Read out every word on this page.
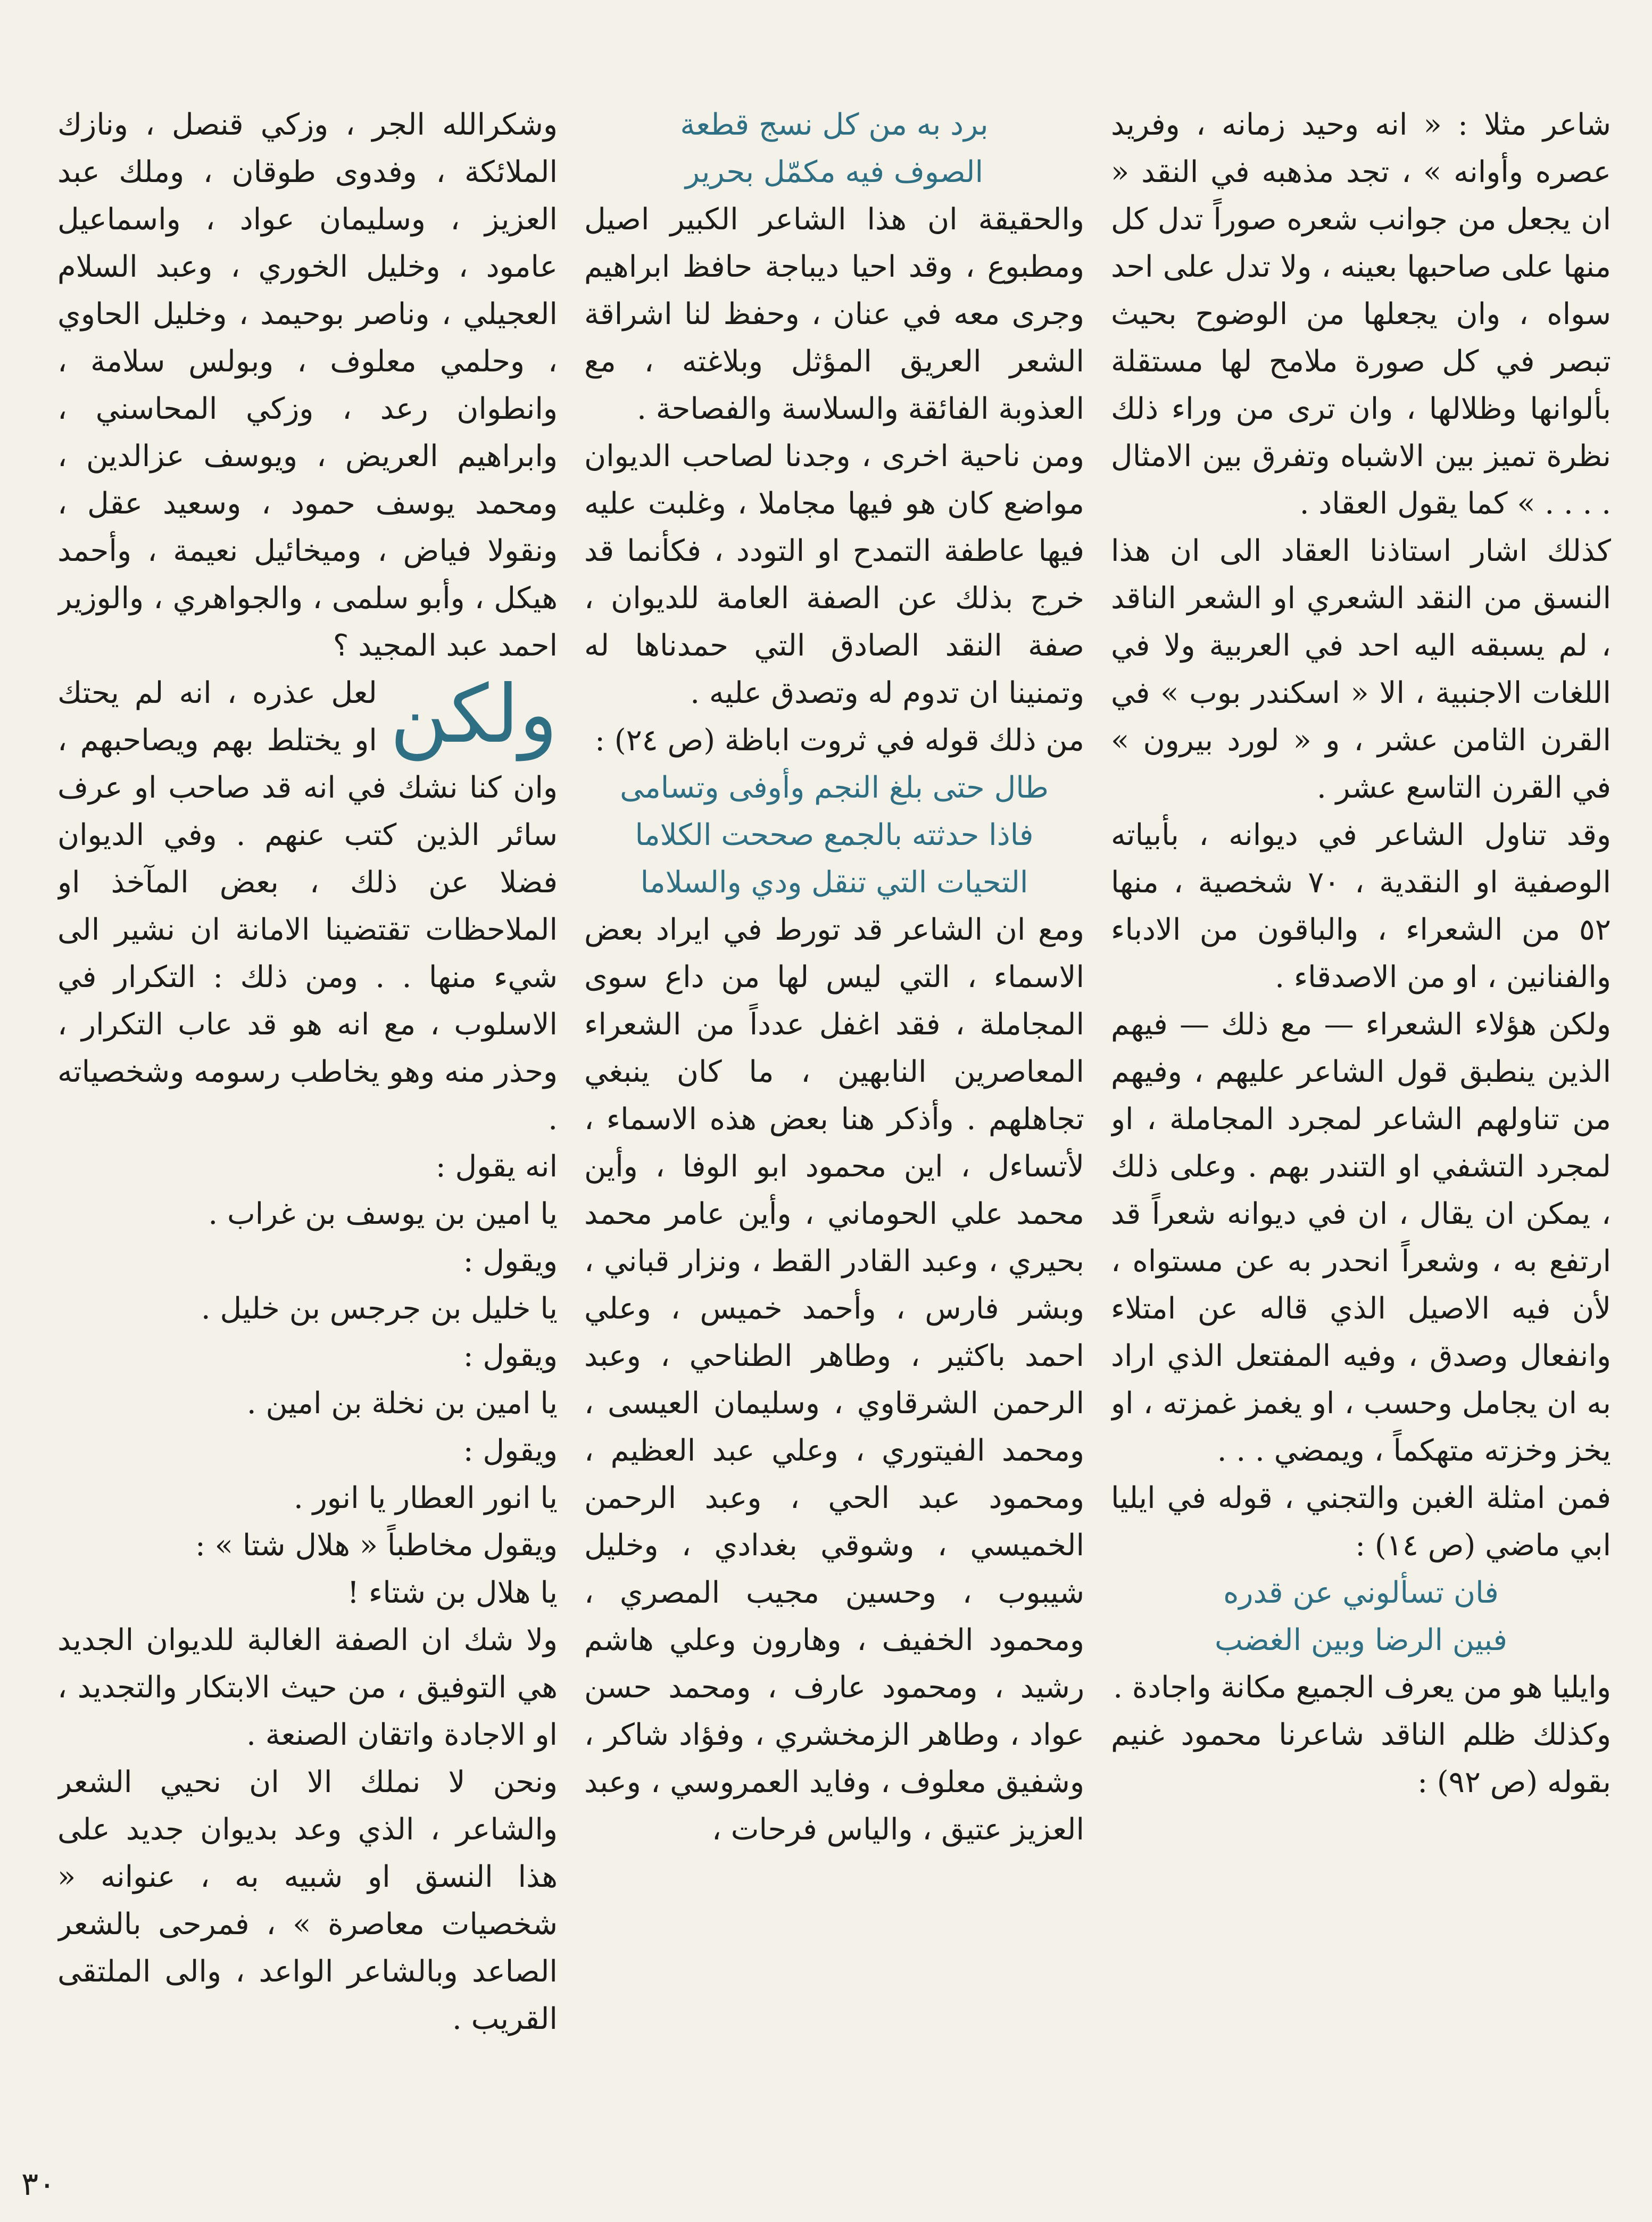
شاعر مثلا : « انه وحيد زمانه ، وفريد عصره وأوانه » ، تجد مذهبه في النقد « ان يجعل من جوانب شعره صوراً تدل كل منها على صاحبها بعينه ، ولا تدل على احد سواه ، وان يجعلها من الوضوح بحيث تبصر في كل صورة ملامح لها مستقلة بألوانها وظلالها ، وان ترى من وراء ذلك نظرة تميز بين الاشباه وتفرق بين الامثال . . . . » كما يقول العقاد .

كذلك اشار استاذنا العقاد الى ان هذا النسق من النقد الشعري او الشعر الناقد ، لم يسبقه اليه احد في العربية ولا في اللغات الاجنبية ، الا « اسكندر بوب » في القرن الثامن عشر ، و « لورد بيرون » في القرن التاسع عشر .

وقد تناول الشاعر في ديوانه ، بأبياته الوصفية او النقدية ، ٧٠ شخصية ، منها ٥٢ من الشعراء ، والباقون من الادباء والفنانين ، او من الاصدقاء .

ولكن هؤلاء الشعراء — مع ذلك — فيهم الذين ينطبق قول الشاعر عليهم ، وفيهم من تناولهم الشاعر لمجرد المجاملة ، او لمجرد التشفي او التندر بهم . وعلى ذلك ، يمكن ان يقال ، ان في ديوانه شعراً قد ارتفع به ، وشعراً انحدر به عن مستواه ، لأن فيه الاصيل الذي قاله عن امتلاء وانفعال وصدق ، وفيه المفتعل الذي اراد به ان يجامل وحسب ، او يغمز غمزته ، او يخز وخزته متهكماً ، ويمضي . . .

فمن امثلة الغبن والتجني ، قوله في ايليا ابي ماضي (ص ١٤) :

فان تسألوني عن قدره
فبين الرضا وبين الغضب

وايليا هو من يعرف الجميع مكانة واجادة .

وكذلك ظلم الناقد شاعرنا محمود غنيم بقوله (ص ٩٢) :

برد به من كل نسج قطعة
الصوف فيه مكمّل بحرير

والحقيقة ان هذا الشاعر الكبير اصيل ومطبوع ، وقد احيا ديباجة حافظ ابراهيم وجرى معه في عنان ، وحفظ لنا اشراقة الشعر العريق المؤثل وبلاغته ، مع العذوبة الفائقة والسلاسة والفصاحة .

ومن ناحية اخرى ، وجدنا لصاحب الديوان مواضع كان هو فيها مجاملا ، وغلبت عليه فيها عاطفة التمدح او التودد ، فكأنما قد خرج بذلك عن الصفة العامة للديوان ، صفة النقد الصادق التي حمدناها له وتمنينا ان تدوم له وتصدق عليه .

من ذلك قوله في ثروت اباظة (ص ٢٤) :

طال حتى بلغ النجم وأوفى وتسامى
فاذا حدثته بالجمع صححت الكلاما
التحيات التي تنقل ودي والسلاما

ومع ان الشاعر قد تورط في ايراد بعض الاسماء ، التي ليس لها من داع سوى المجاملة ، فقد اغفل عدداً من الشعراء المعاصرين النابهين ، ما كان ينبغي تجاهلهم . وأذكر هنا بعض هذه الاسماء ، لأتساءل ، اين محمود ابو الوفا ، وأين محمد علي الحوماني ، وأين عامر محمد بحيري ، وعبد القادر القط ، ونزار قباني ، وبشر فارس ، وأحمد خميس ، وعلي احمد باكثير ، وطاهر الطناحي ، وعبد الرحمن الشرقاوي ، وسليمان العيسى ، ومحمد الفيتوري ، وعلي عبد العظيم ، ومحمود عبد الحي ، وعبد الرحمن الخميسي ، وشوقي بغدادي ، وخليل شيبوب ، وحسين مجيب المصري ، ومحمود الخفيف ، وهارون وعلي هاشم رشيد ، ومحمود عارف ، ومحمد حسن عواد ، وطاهر الزمخشري ، وفؤاد شاكر ، وشفيق معلوف ، وفايد العمروسي ، وعبد العزيز عتيق ، والياس فرحات ،

وشكرالله الجر ، وزكي قنصل ، ونازك الملائكة ، وفدوى طوقان ، وملك عبد العزيز ، وسليمان عواد ، واسماعيل عامود ، وخليل الخوري ، وعبد السلام العجيلي ، وناصر بوحيمد ، وخليل الحاوي ، وحلمي معلوف ، وبولس سلامة ، وانطوان رعد ، وزكي المحاسني ، وابراهيم العريض ، ويوسف عزالدين ، ومحمد يوسف حمود ، وسعيد عقل ، ونقولا فياض ، وميخائيل نعيمة ، وأحمد هيكل ، وأبو سلمى ، والجواهري ، والوزير احمد عبد المجيد ؟

ولكن

لعل عذره ، انه لم يحتك او يختلط بهم ويصاحبهم ، وان كنا نشك في انه قد صاحب او عرف سائر الذين كتب عنهم . وفي الديوان فضلا عن ذلك ، بعض المآخذ او الملاحظات تقتضينا الامانة ان نشير الى شيء منها . . ومن ذلك : التكرار في الاسلوب ، مع انه هو قد عاب التكرار ، وحذر منه وهو يخاطب رسومه وشخصياته .

انه يقول :

يا امين بن يوسف بن غراب .

ويقول :

يا خليل بن جرجس بن خليل .

ويقول :

يا امين بن نخلة بن امين .

ويقول :

يا انور العطار يا انور .

ويقول مخاطباً « هلال شتا » :

يا هلال بن شتاء !

ولا شك ان الصفة الغالبة للديوان الجديد هي التوفيق ، من حيث الابتكار والتجديد ، او الاجادة واتقان الصنعة .

ونحن لا نملك الا ان نحيي الشعر والشاعر ، الذي وعد بديوان جديد على هذا النسق او شبيه به ، عنوانه « شخصيات معاصرة » ، فمرحى بالشعر الصاعد وبالشاعر الواعد ، والى الملتقى القريب .

٣٠
